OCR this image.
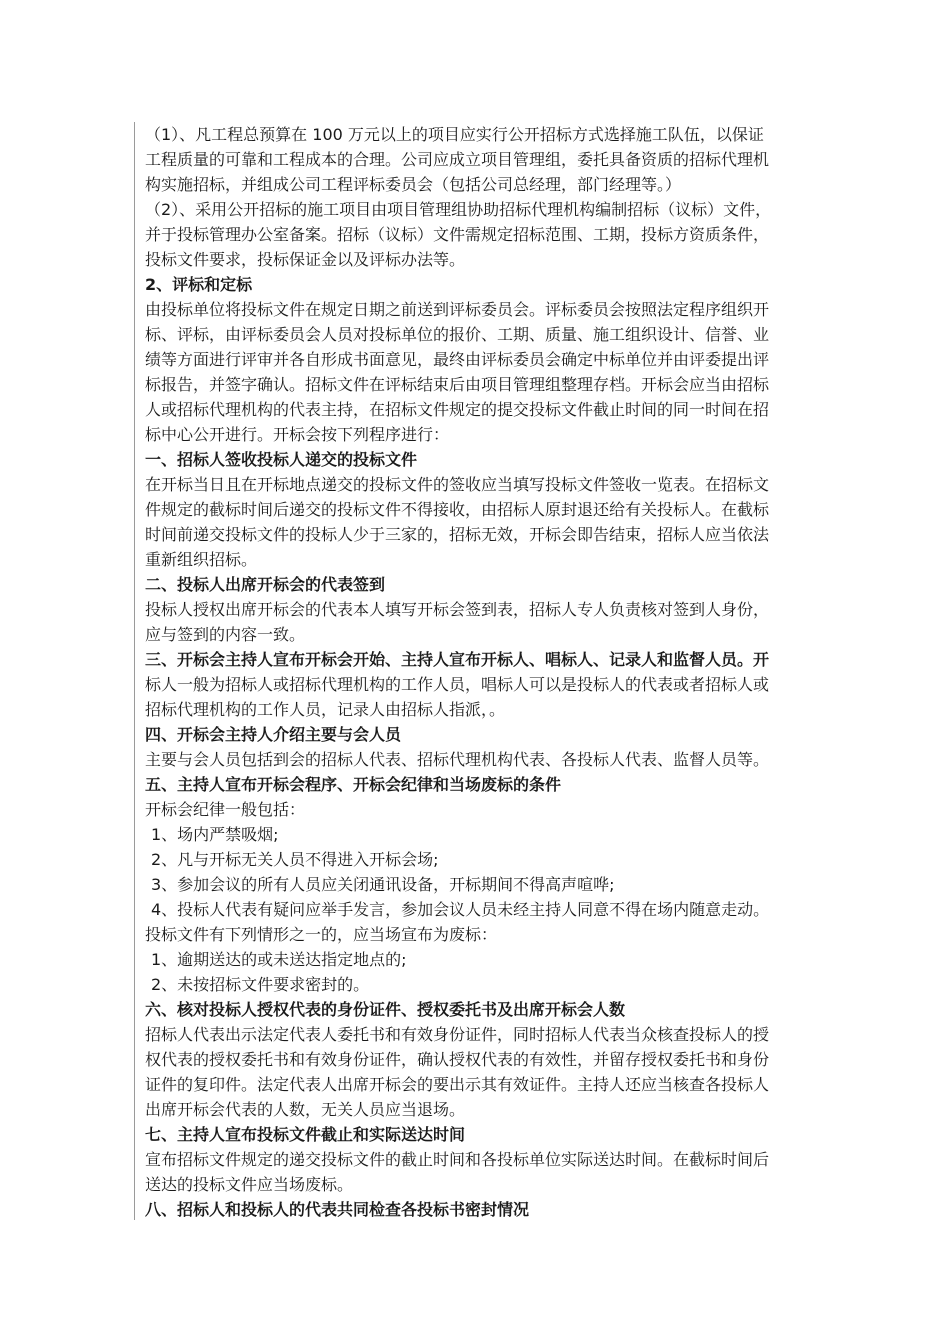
（1）、凡工程总预算在 100 万元以上的项目应实行公开招标方式选择施工队伍，以保证
工程质量的可靠和工程成本的合理。公司应成立项目管理组，委托具备资质的招标代理机
构实施招标，并组成公司工程评标委员会（包括公司总经理，部门经理等。）
（2）、采用公开招标的施工项目由项目管理组协助招标代理机构编制招标（议标）文件，
并于投标管理办公室备案。招标（议标）文件需规定招标范围、工期，投标方资质条件，
投标文件要求，投标保证金以及评标办法等。
2、评标和定标
由投标单位将投标文件在规定日期之前送到评标委员会。评标委员会按照法定程序组织开
标、评标，由评标委员会人员对投标单位的报价、工期、质量、施工组织设计、信誉、业
绩等方面进行评审并各自形成书面意见，最终由评标委员会确定中标单位并由评委提出评
标报告，并签字确认。招标文件在评标结束后由项目管理组整理存档。开标会应当由招标
人或招标代理机构的代表主持，在招标文件规定的提交投标文件截止时间的同一时间在招
标中心公开进行。开标会按下列程序进行：
一、招标人签收投标人递交的投标文件
在开标当日且在开标地点递交的投标文件的签收应当填写投标文件签收一览表。在招标文
件规定的截标时间后递交的投标文件不得接收，由招标人原封退还给有关投标人。在截标
时间前递交投标文件的投标人少于三家的，招标无效，开标会即告结束，招标人应当依法
重新组织招标。
二、投标人出席开标会的代表签到
投标人授权出席开标会的代表本人填写开标会签到表，招标人专人负责核对签到人身份，
应与签到的内容一致。
三、开标会主持人宣布开标会开始、主持人宣布开标人、唱标人、记录人和监督人员。开
标人一般为招标人或招标代理机构的工作人员，唱标人可以是投标人的代表或者招标人或
招标代理机构的工作人员，记录人由招标人指派，。
四、开标会主持人介绍主要与会人员
主要与会人员包括到会的招标人代表、招标代理机构代表、各投标人代表、监督人员等。
五、主持人宣布开标会程序、开标会纪律和当场废标的条件
开标会纪律一般包括：
1、场内严禁吸烟;
2、凡与开标无关人员不得进入开标会场;
3、参加会议的所有人员应关闭通讯设备，开标期间不得高声喧哗;
4、投标人代表有疑问应举手发言，参加会议人员未经主持人同意不得在场内随意走动。
投标文件有下列情形之一的，应当场宣布为废标：
1、逾期送达的或未送达指定地点的;
2、未按招标文件要求密封的。
六、核对投标人授权代表的身份证件、授权委托书及出席开标会人数
招标人代表出示法定代表人委托书和有效身份证件，同时招标人代表当众核查投标人的授
权代表的授权委托书和有效身份证件，确认授权代表的有效性，并留存授权委托书和身份
证件的复印件。法定代表人出席开标会的要出示其有效证件。主持人还应当核查各投标人
出席开标会代表的人数，无关人员应当退场。
七、主持人宣布投标文件截止和实际送达时间
宣布招标文件规定的递交投标文件的截止时间和各投标单位实际送达时间。在截标时间后
送达的投标文件应当场废标。
八、招标人和投标人的代表共同检查各投标书密封情况
